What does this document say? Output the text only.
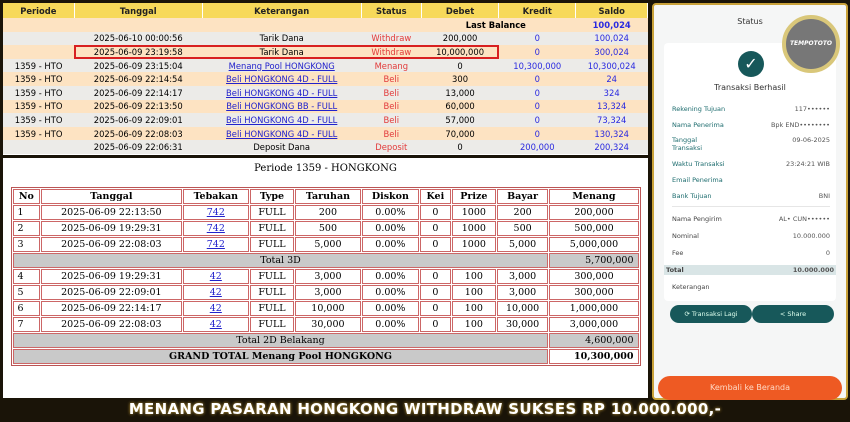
Periode	Tanggal	Keterangan	Status	Debet	Kredit	Saldo
				Last Balance		100,024
	2025-06-10 00:00:56	Tarik Dana	Withdraw	200,000	0	100,024
	2025-06-09 23:19:58	Tarik Dana	Withdraw	10,000,000	0	300,024
1359 - HTO	2025-06-09 23:15:04	Menang Pool HONGKONG	Menang	0	10,300,000	10,300,024
1359 - HTO	2025-06-09 22:14:54	Beli HONGKONG 4D - FULL	Beli	300	0	24
1359 - HTO	2025-06-09 22:14:17	Beli HONGKONG 4D - FULL	Beli	13,000	0	324
1359 - HTO	2025-06-09 22:13:50	Beli HONGKONG BB - FULL	Beli	60,000	0	13,324
1359 - HTO	2025-06-09 22:09:01	Beli HONGKONG 4D - FULL	Beli	57,000	0	73,324
1359 - HTO	2025-06-09 22:08:03	Beli HONGKONG 4D - FULL	Beli	70,000	0	130,324
	2025-06-09 22:06:31	Deposit Dana	Deposit	0	200,000	200,324
Periode 1359 - HONGKONG
No	Tanggal	Tebakan	Type	Taruhan	Diskon	Kei	Prize	Bayar	Menang
1	2025-06-09 22:13:50	742	FULL	200	0.00%	0	1000	200	200,000
2	2025-06-09 19:29:31	742	FULL	500	0.00%	0	1000	500	500,000
3	2025-06-09 22:08:03	742	FULL	5,000	0.00%	0	1000	5,000	5,000,000
Total 3D									5,700,000
4	2025-06-09 19:29:31	42	FULL	3,000	0.00%	0	100	3,000	300,000
5	2025-06-09 22:09:01	42	FULL	3,000	0.00%	0	100	3,000	300,000
6	2025-06-09 22:14:17	42	FULL	10,000	0.00%	0	100	10,000	1,000,000
7	2025-06-09 22:08:03	42	FULL	30,000	0.00%	0	100	30,000	3,000,000
Total 2D Belakang									4,600,000
GRAND TOTAL Menang Pool HONGKONG									10,300,000
Status
TEMPOTOTO
✓
Transaksi Berhasil
Rekening Tujuan	117••••••
Nama Penerima	Bpk END••••••••
Tanggal Transaksi
09-06-2025
Waktu Transaksi	23:24:21 WIB
Email Penerima
Bank Tujuan	BNI
Nama Pengirim	AL• CUN••••••
Nominal	10.000.000
Fee	0
Total	10.000.000
Keterangan
⟳ Transaksi Lagi	< Share
Kembali ke Beranda
MENANG PASARAN HONGKONG WITHDRAW SUKSES RP 10.000.000,-
